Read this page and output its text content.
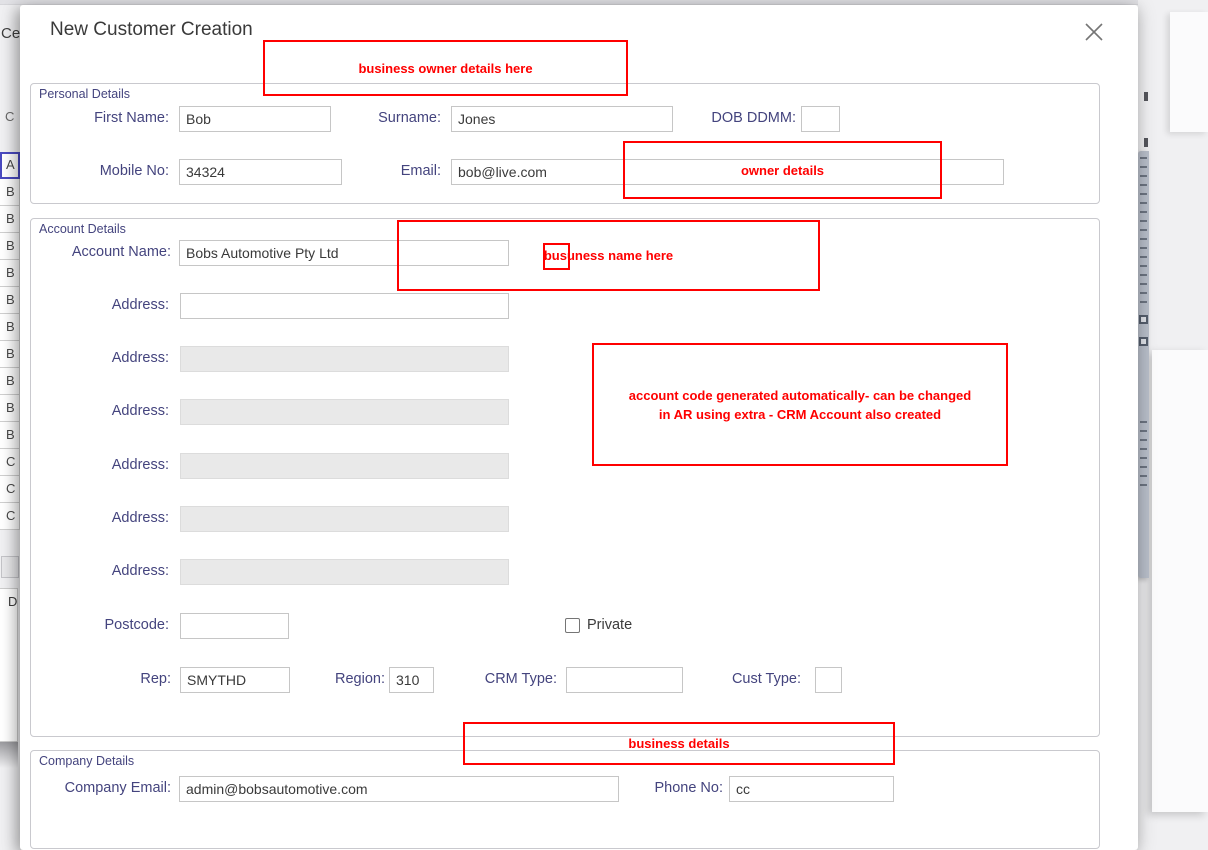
Ce
C
A
B
B
B
B
B
B
B
B
B
B
C
C
C
D
New Customer Creation
Personal Details
First Name:
Bob	Surname:
Jones	DOB DDMM:
Mobile No:
34324	Email:
bob@live.com
Account Details
Account Name:
Bobs Automotive Pty Ltd
Address:
Address:
Address:
Address:
Address:
Address:
Postcode:	Private
Rep:
SMYTHD	Region:
310	CRM Type:	Cust Type:
Company Details
Company Email:
admin@bobsautomotive.com	Phone No:
cc
business owner details here
owner details
busuness name here
account code generated automatically- can be changed
in AR using extra - CRM Account also created
business details
